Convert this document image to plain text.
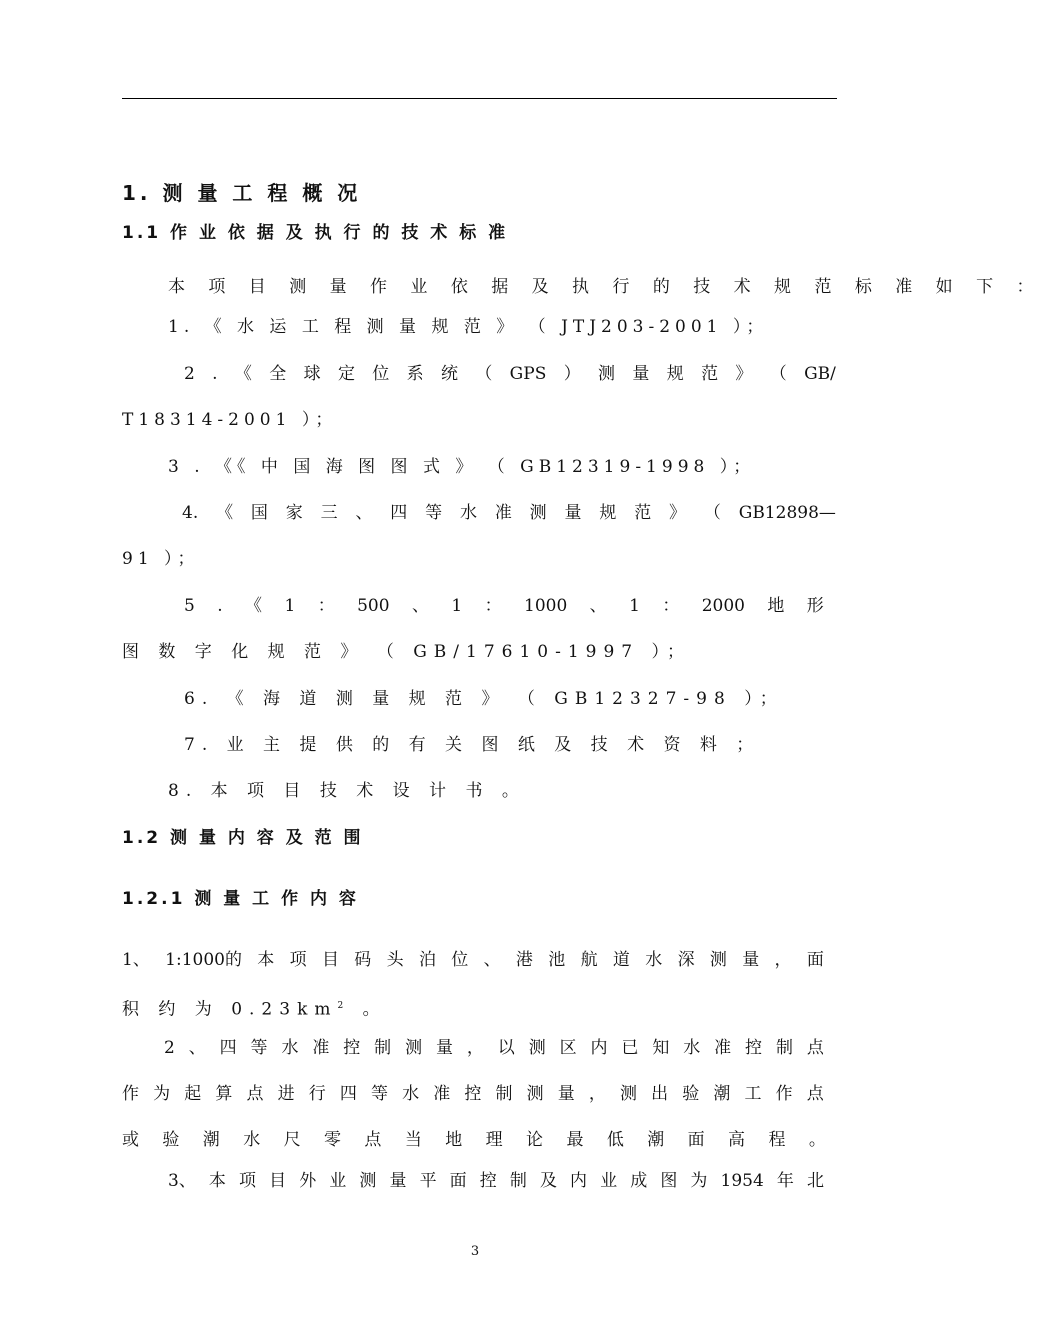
1. 测 量 工 程 概 况
1.1 作 业 依 据 及 执 行 的 技 术 标 准
本 项 目 测 量 作 业 依 据 及 执 行 的 技 术 规 范 标 准 如 下 ：
1. 《 水 运 工 程 测 量 规 范 》 （ JTJ203-2001 ）；
2 . 《 全 球 定 位 系 统 （ GPS ） 测 量 规 范 》 （ GB/
T18314-2001 ）；
3 . 《《 中 国 海 图 图 式 》 （ GB12319-1998 ）；
4. 《 国 家 三 、 四 等 水 准 测 量 规 范 》 （ GB12898—
91 ）；
5 . 《 1 ： 500 、 1 ： 1000 、 1 ： 2000 地 形
图 数 字 化 规 范 》 （ GB/17610-1997 ）；
6. 《 海 道 测 量 规 范 》 （ GB12327-98 ）；
7. 业 主 提 供 的 有 关 图 纸 及 技 术 资 料 ；
8. 本 项 目 技 术 设 计 书 。
1.2 测 量 内 容 及 范 围
1.2.1 测 量 工 作 内 容
1、 1:1000的 本 项 目 码 头 泊 位 、 港 池 航 道 水 深 测 量 ， 面
积 约 为 $0.23km^2$ 。
2 、 四 等 水 准 控 制 测 量 ， 以 测 区 内 已 知 水 准 控 制 点
作 为 起 算 点 进 行 四 等 水 准 控 制 测 量 ， 测 出 验 潮 工 作 点
或 验 潮 水 尺 零 点 当 地 理 论 最 低 潮 面 高 程 。
3、 本 项 目 外 业 测 量 平 面 控 制 及 内 业 成 图 为 1954 年 北
3
